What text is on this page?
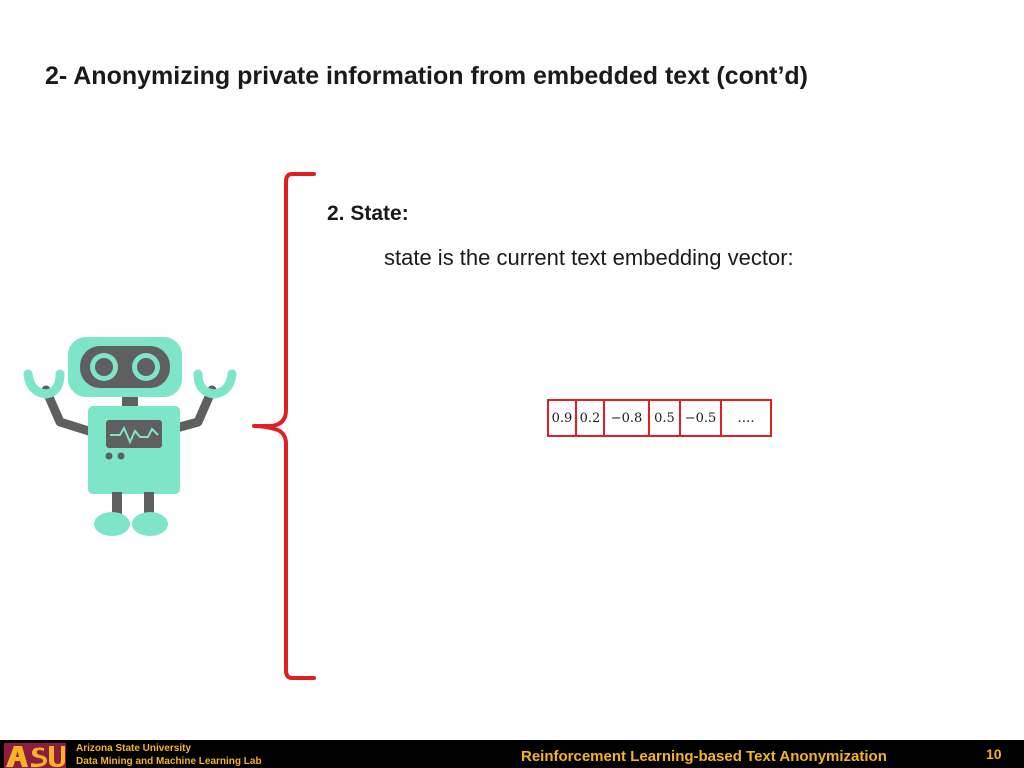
2- Anonymizing private information from embedded text (cont’d)
2. State:
state is the current text embedding vector:
0.9 0.2 −0.8 0.5 −0.5	….
Arizona State University
Data Mining and Machine Learning Lab	Reinforcement Learning-based Text Anonymization	10
